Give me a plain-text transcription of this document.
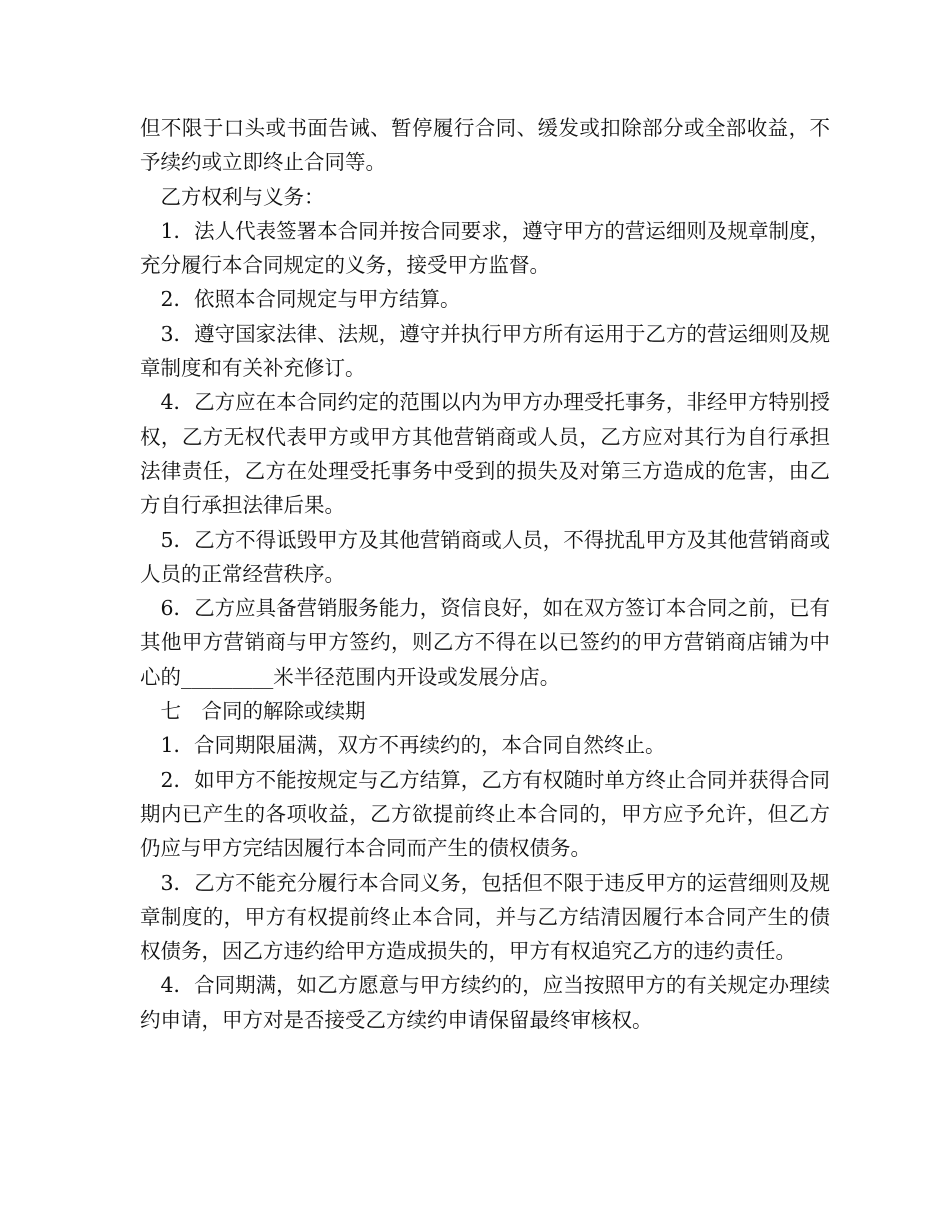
但不限于口头或书面告诫、暂停履行合同、缓发或扣除部分或全部收益，不予续约或立即终止合同等。

乙方权利与义务：

1．法人代表签署本合同并按合同要求，遵守甲方的营运细则及规章制度，充分履行本合同规定的义务，接受甲方监督。

2．依照本合同规定与甲方结算。

3．遵守国家法律、法规，遵守并执行甲方所有运用于乙方的营运细则及规章制度和有关补充修订。

4．乙方应在本合同约定的范围以内为甲方办理受托事务，非经甲方特别授权，乙方无权代表甲方或甲方其他营销商或人员，乙方应对其行为自行承担法律责任，乙方在处理受托事务中受到的损失及对第三方造成的危害，由乙方自行承担法律后果。

5．乙方不得诋毁甲方及其他营销商或人员，不得扰乱甲方及其他营销商或人员的正常经营秩序。

6．乙方应具备营销服务能力，资信良好，如在双方签订本合同之前，已有其他甲方营销商与甲方签约，则乙方不得在以已签约的甲方营销商店铺为中心的_________米半径范围内开设或发展分店。

七　合同的解除或续期

1．合同期限届满，双方不再续约的，本合同自然终止。

2．如甲方不能按规定与乙方结算，乙方有权随时单方终止合同并获得合同期内已产生的各项收益，乙方欲提前终止本合同的，甲方应予允许，但乙方仍应与甲方完结因履行本合同而产生的债权债务。

3．乙方不能充分履行本合同义务，包括但不限于违反甲方的运营细则及规章制度的，甲方有权提前终止本合同，并与乙方结清因履行本合同产生的债权债务，因乙方违约给甲方造成损失的，甲方有权追究乙方的违约责任。

4．合同期满，如乙方愿意与甲方续约的，应当按照甲方的有关规定办理续约申请，甲方对是否接受乙方续约申请保留最终审核权。
